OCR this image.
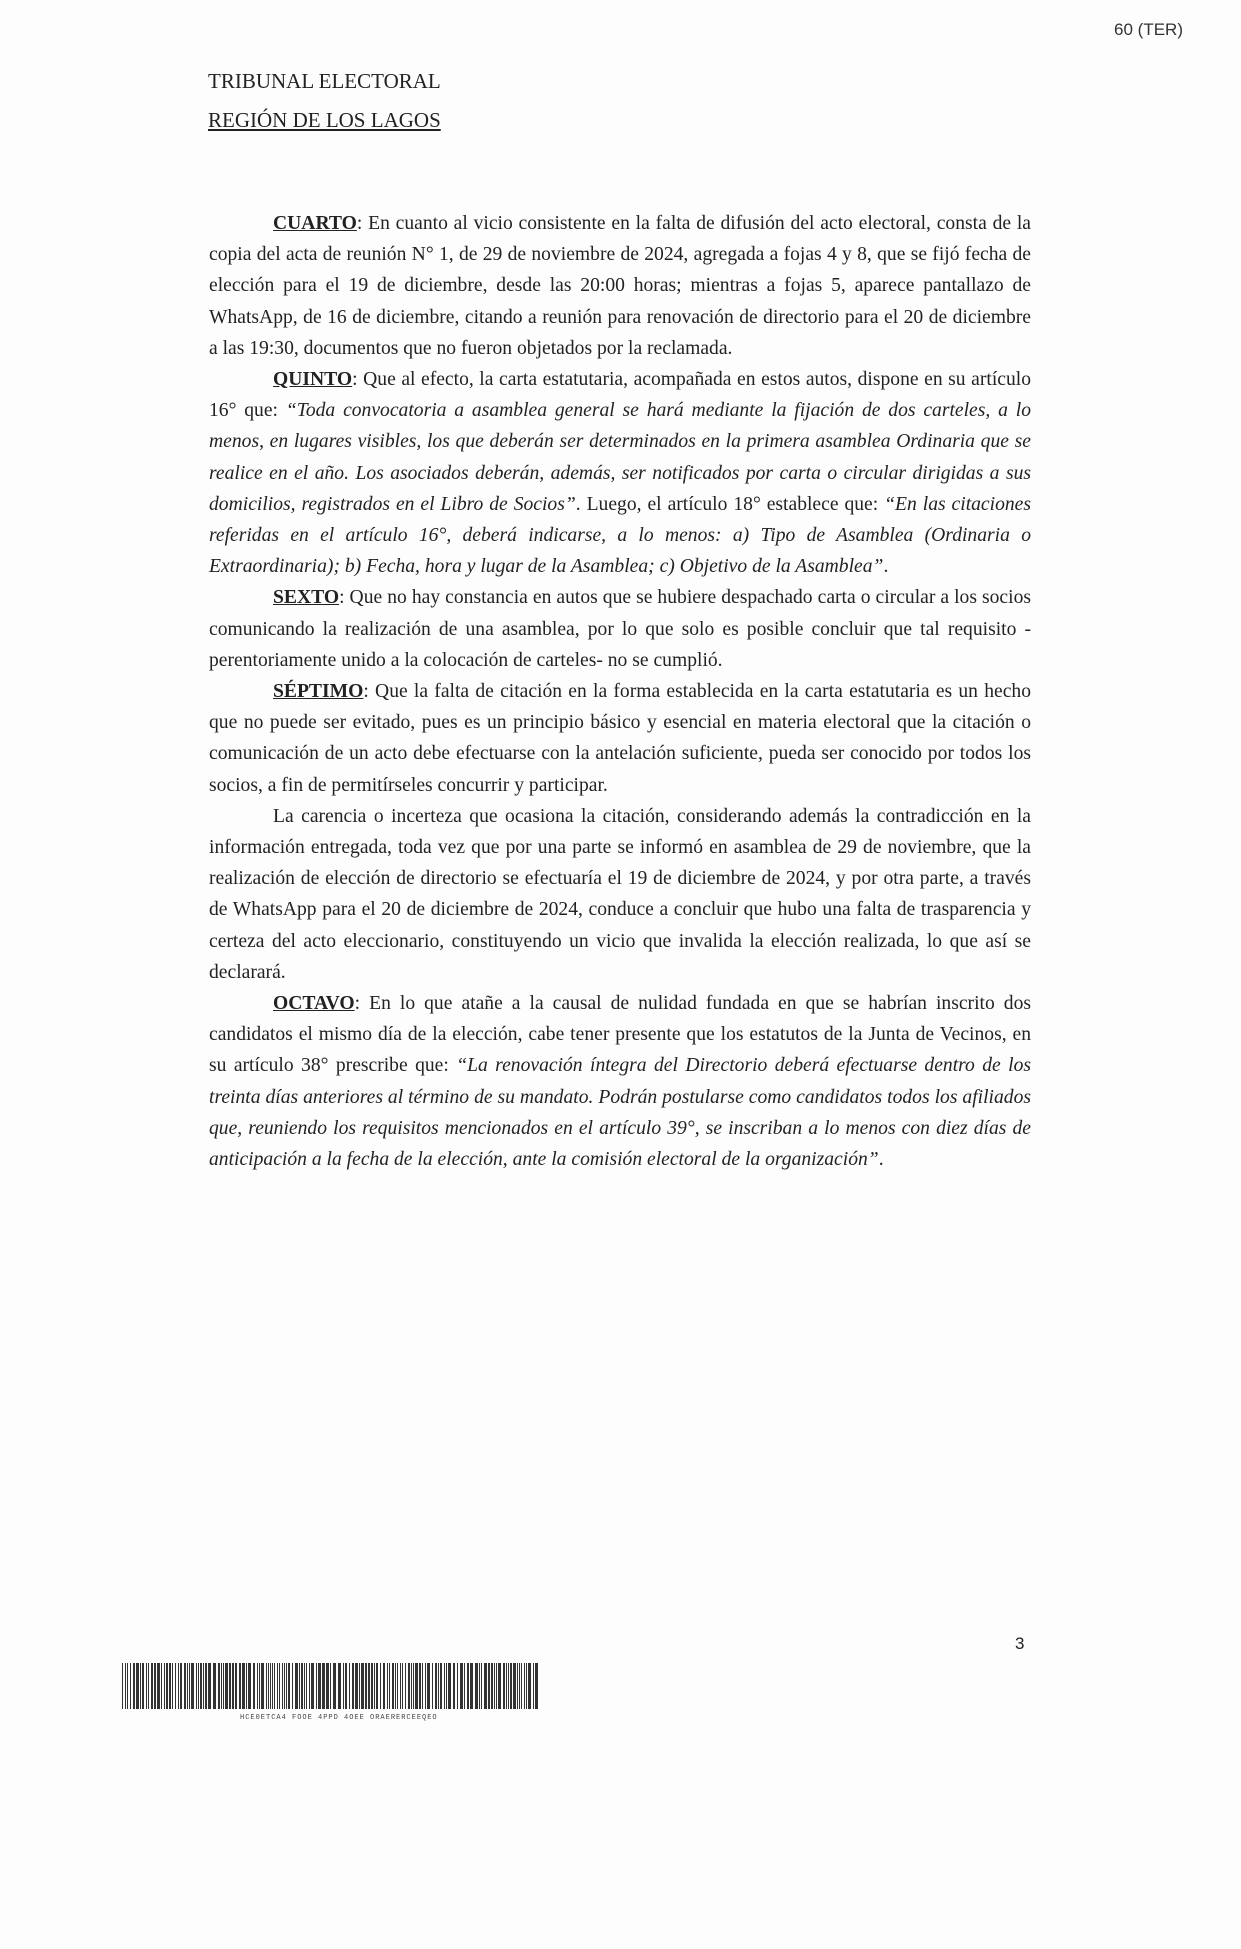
60 (TER)
TRIBUNAL ELECTORAL
REGIÓN DE LOS LAGOS

CUARTO: En cuanto al vicio consistente en la falta de difusión del acto electoral, consta de la copia del acta de reunión N° 1, de 29 de noviembre de 2024, agregada a fojas 4 y 8, que se fijó fecha de elección para el 19 de diciembre, desde las 20:00 horas; mientras a fojas 5, aparece pantallazo de WhatsApp, de 16 de diciembre, citando a reunión para renovación de directorio para el 20 de diciembre a las 19:30, documentos que no fueron objetados por la reclamada.

QUINTO: Que al efecto, la carta estatutaria, acompañada en estos autos, dispone en su artículo 16° que: “Toda convocatoria a asamblea general se hará mediante la fijación de dos carteles, a lo menos, en lugares visibles, los que deberán ser determinados en la primera asamblea Ordinaria que se realice en el año. Los asociados deberán, además, ser notificados por carta o circular dirigidas a sus domicilios, registrados en el Libro de Socios”. Luego, el artículo 18° establece que: “En las citaciones referidas en el artículo 16°, deberá indicarse, a lo menos: a) Tipo de Asamblea (Ordinaria o Extraordinaria); b) Fecha, hora y lugar de la Asamblea; c) Objetivo de la Asamblea”.

SEXTO: Que no hay constancia en autos que se hubiere despachado carta o circular a los socios comunicando la realización de una asamblea, por lo que solo es posible concluir que tal requisito -perentoriamente unido a la colocación de carteles- no se cumplió.

SÉPTIMO: Que la falta de citación en la forma establecida en la carta estatutaria es un hecho que no puede ser evitado, pues es un principio básico y esencial en materia electoral que la citación o comunicación de un acto debe efectuarse con la antelación suficiente, pueda ser conocido por todos los socios, a fin de permitírseles concurrir y participar.

La carencia o incerteza que ocasiona la citación, considerando además la contradicción en la información entregada, toda vez que por una parte se informó en asamblea de 29 de noviembre, que la realización de elección de directorio se efectuaría el 19 de diciembre de 2024, y por otra parte, a través de WhatsApp para el 20 de diciembre de 2024, conduce a concluir que hubo una falta de trasparencia y certeza del acto eleccionario, constituyendo un vicio que invalida la elección realizada, lo que así se declarará.

OCTAVO: En lo que atañe a la causal de nulidad fundada en que se habrían inscrito dos candidatos el mismo día de la elección, cabe tener presente que los estatutos de la Junta de Vecinos, en su artículo 38° prescribe que: “La renovación íntegra del Directorio deberá efectuarse dentro de los treinta días anteriores al término de su mandato. Podrán postularse como candidatos todos los afiliados que, reuniendo los requisitos mencionados en el artículo 39°, se inscriban a lo menos con diez días de anticipación a la fecha de la elección, ante la comisión electoral de la organización”.

3
HCE0ETCA4 FOOE 4PPD 4OEE ORAERERCEEQEO
